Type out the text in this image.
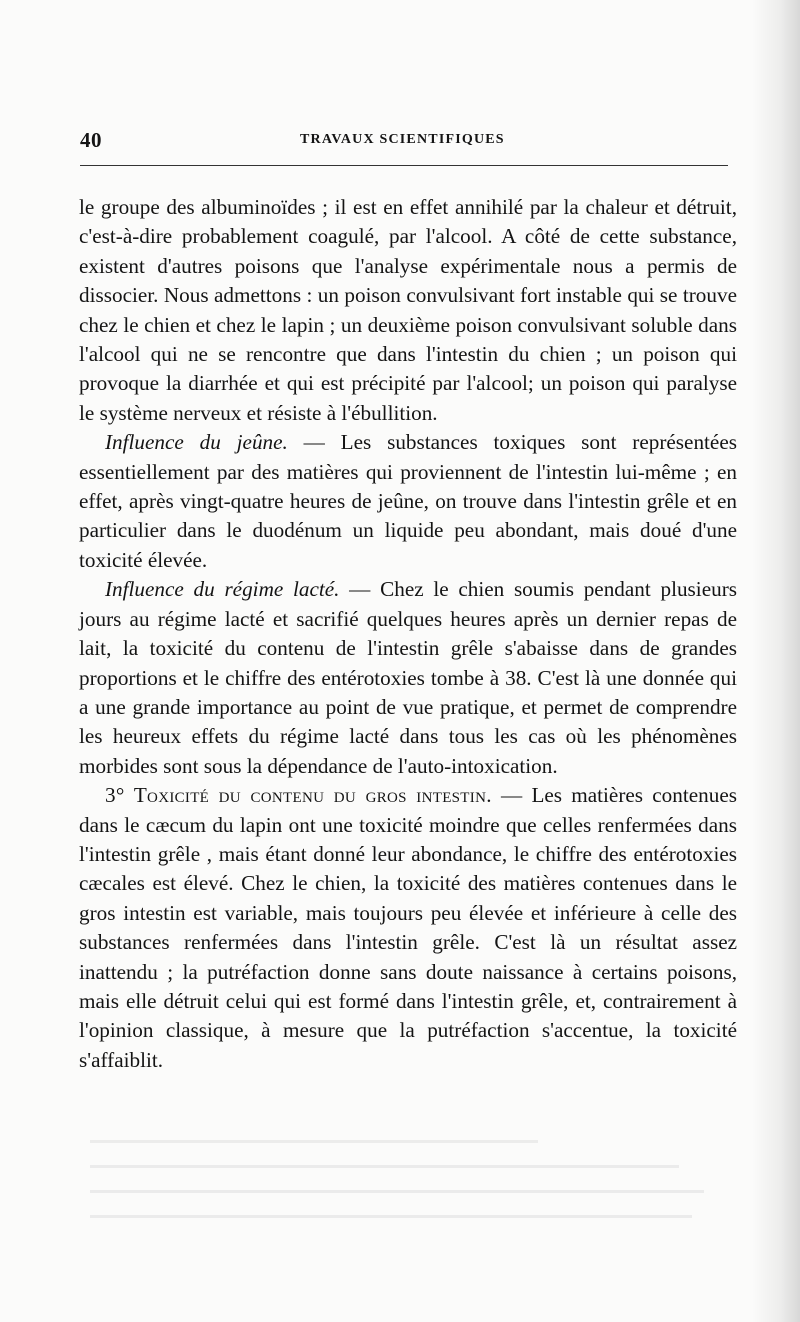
40	TRAVAUX SCIENTIFIQUES

le groupe des albuminoïdes ; il est en effet annihilé par la chaleur et détruit, c'est-à-dire probablement coagulé, par l'alcool. A côté de cette substance, existent d'autres poisons que l'analyse expérimentale nous a permis de dissocier. Nous admettons : un poison convulsivant fort instable qui se trouve chez le chien et chez le lapin ; un deuxième poison convulsivant soluble dans l'alcool qui ne se rencontre que dans l'intestin du chien ; un poison qui provoque la diarrhée et qui est précipité par l'alcool; un poison qui paralyse le système nerveux et résiste à l'ébullition.

Influence du jeûne. — Les substances toxiques sont représentées essentiellement par des matières qui proviennent de l'intestin lui-même ; en effet, après vingt-quatre heures de jeûne, on trouve dans l'intestin grêle et en particulier dans le duodénum un liquide peu abondant, mais doué d'une toxicité élevée.

Influence du régime lacté. — Chez le chien soumis pendant plusieurs jours au régime lacté et sacrifié quelques heures après un dernier repas de lait, la toxicité du contenu de l'intestin grêle s'abaisse dans de grandes proportions et le chiffre des entérotoxies tombe à 38. C'est là une donnée qui a une grande importance au point de vue pratique, et permet de comprendre les heureux effets du régime lacté dans tous les cas où les phénomènes morbides sont sous la dépendance de l'auto-intoxication.

3° Toxicité du contenu du gros intestin. — Les matières contenues dans le cæcum du lapin ont une toxicité moindre que celles renfermées dans l'intestin grêle , mais étant donné leur abondance, le chiffre des entérotoxies cæcales est élevé. Chez le chien, la toxicité des matières contenues dans le gros intestin est variable, mais toujours peu élevée et inférieure à celle des substances renfermées dans l'intestin grêle. C'est là un résultat assez inattendu ; la putréfaction donne sans doute naissance à certains poisons, mais elle détruit celui qui est formé dans l'intestin grêle, et, contrairement à l'opinion classique, à mesure que la putréfaction s'accentue, la toxicité s'affaiblit.
